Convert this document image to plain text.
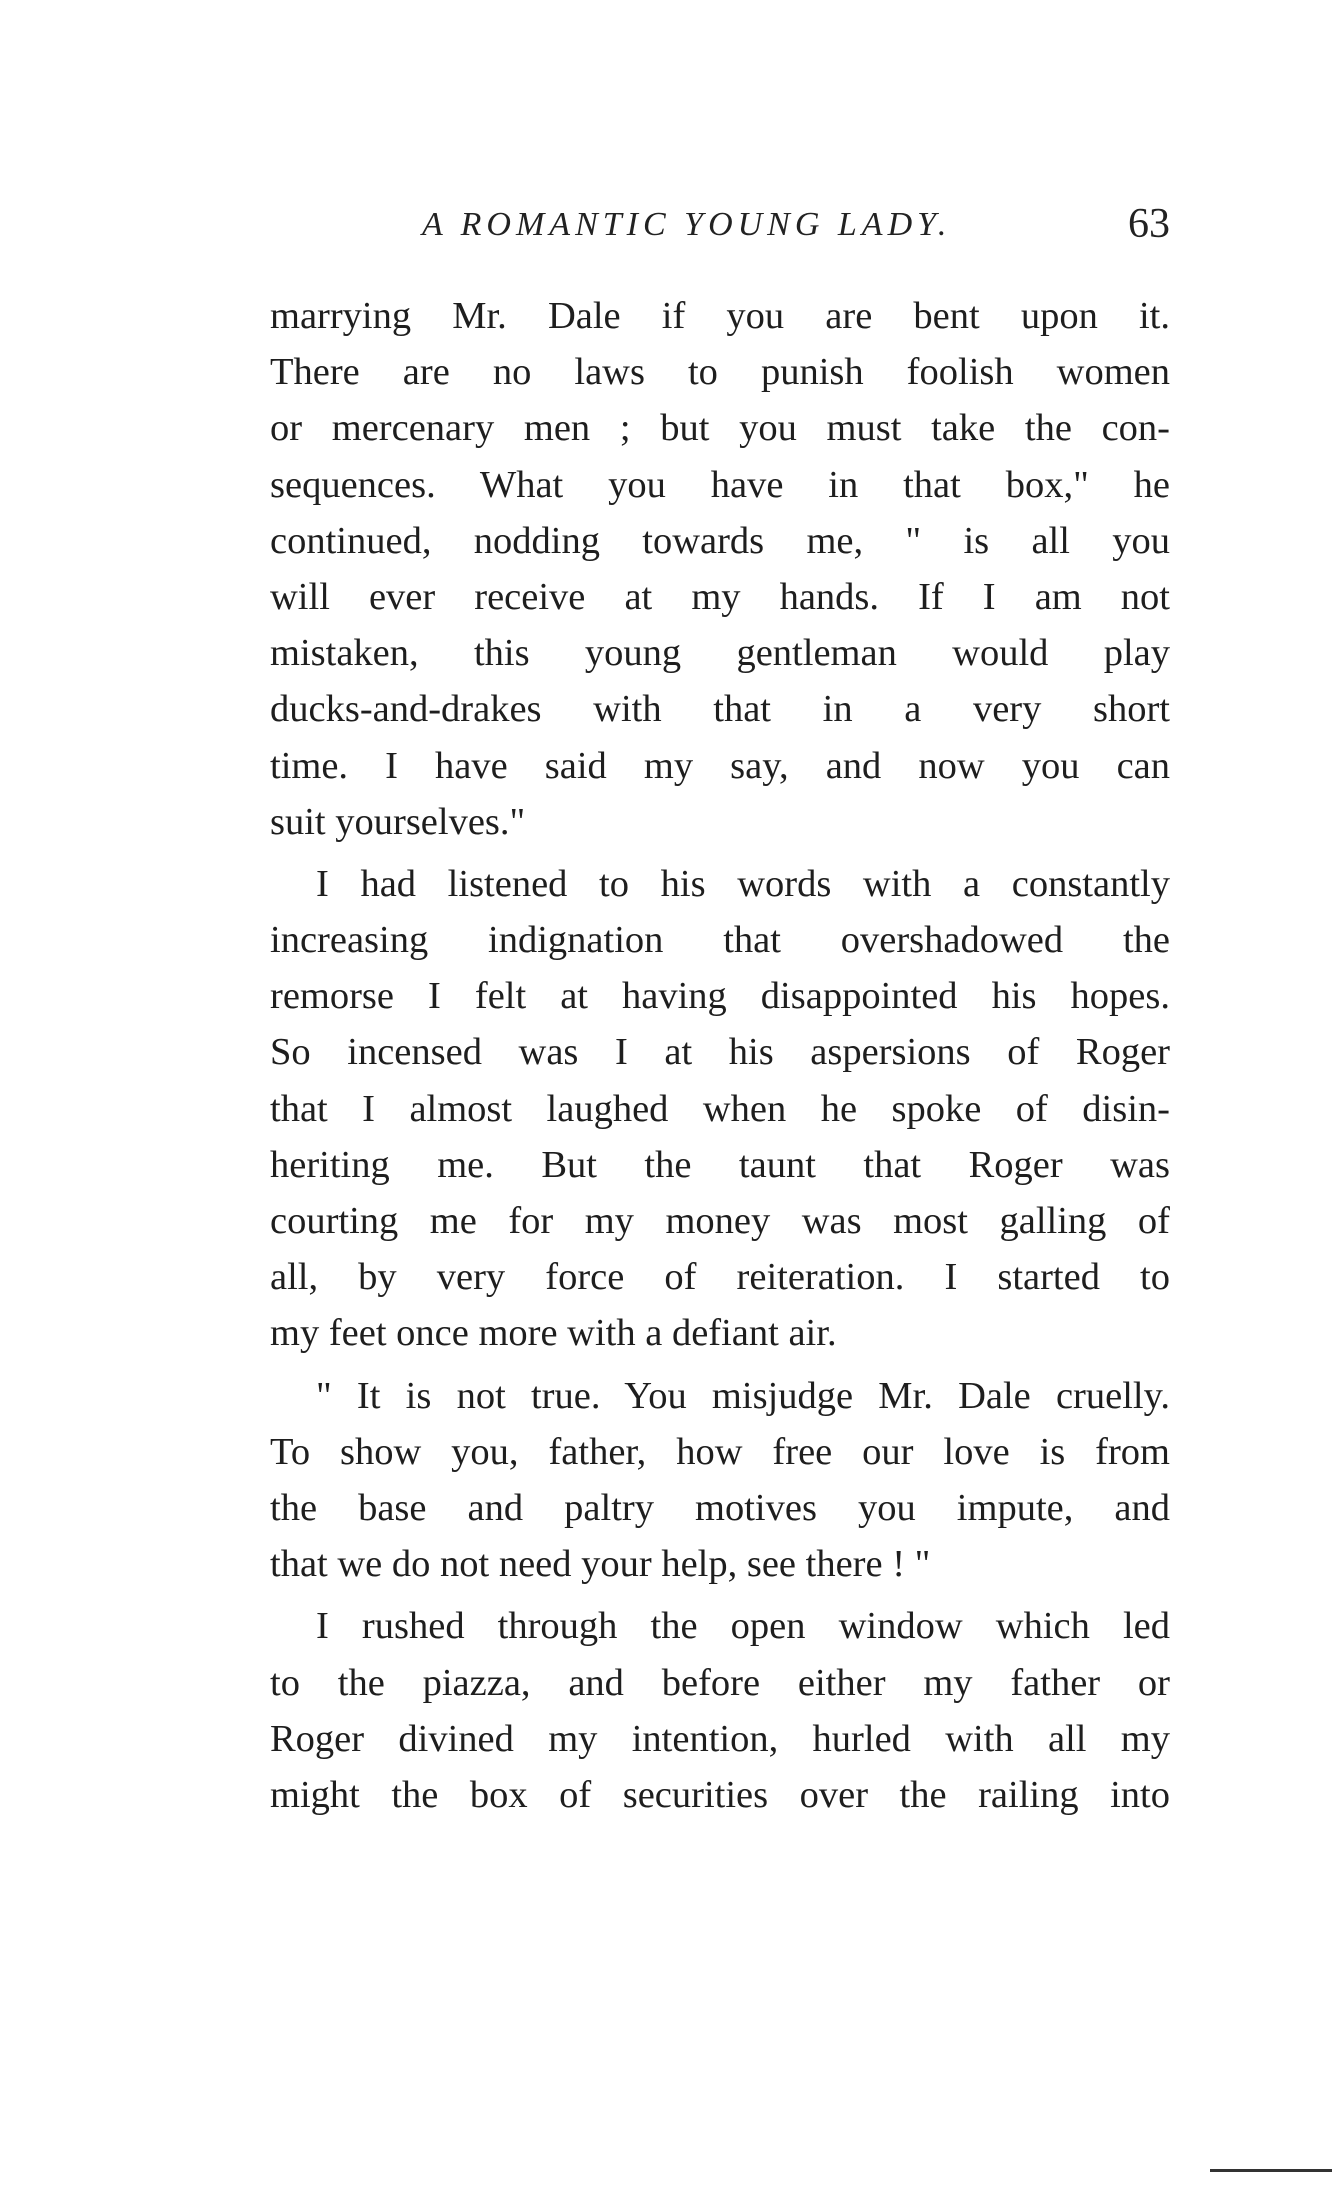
A ROMANTIC YOUNG LADY.	63
marrying Mr. Dale if you are bent upon it.
There are no laws to punish foolish women
or mercenary men ; but you must take the con-
sequences. What you have in that box," he
continued, nodding towards me, " is all you
will ever receive at my hands. If I am not
mistaken, this young gentleman would play
ducks-and-drakes with that in a very short
time. I have said my say, and now you can
suit yourselves."
I had listened to his words with a constantly
increasing indignation that overshadowed the
remorse I felt at having disappointed his hopes.
So incensed was I at his aspersions of Roger
that I almost laughed when he spoke of disin-
heriting me. But the taunt that Roger was
courting me for my money was most galling of
all, by very force of reiteration. I started to
my feet once more with a defiant air.
" It is not true. You misjudge Mr. Dale cruelly.
To show you, father, how free our love is from
the base and paltry motives you impute, and
that we do not need your help, see there ! "
I rushed through the open window which led
to the piazza, and before either my father or
Roger divined my intention, hurled with all my
might the box of securities over the railing into
